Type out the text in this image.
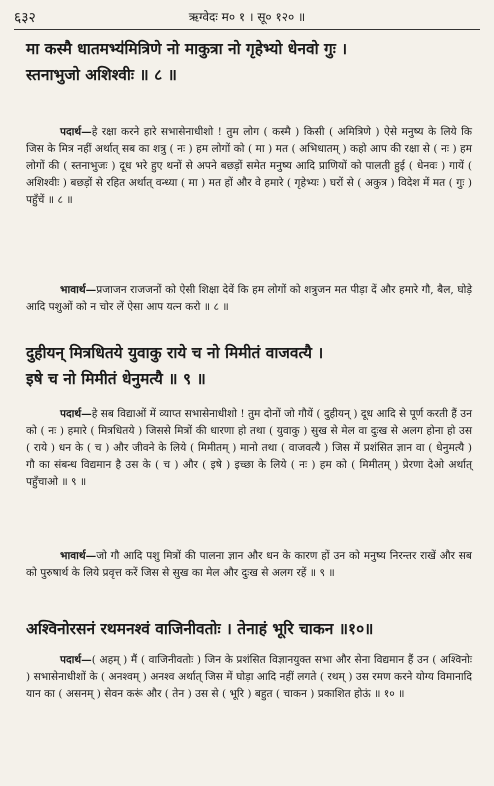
६३२	ऋग्वेदः म० १ । सू० १२० ॥
मा कस्मै धातमभ्य॑मित्रिणे नो माकुत्रा नो गृहेभ्यो धेनवो गुः ।
स्तनाभुजो अशिश्वीः ॥ ८ ॥

पदार्थ—हे रक्षा करने हारे सभासेनाधीशो ! तुम लोग ( कस्मै ) किसी ( अमित्रिणे ) ऐसे मनुष्य के लिये कि जिस के मित्र नहीं अर्थात् सब का शत्रु ( नः ) हम लोगों को ( मा ) मत ( अभिधातम् ) कहो आप की रक्षा से ( नः ) हम लोगों की ( स्तनाभुजः ) दूध भरे हुए थनों से अपने बछड़ों समेत मनुष्य आदि प्राणियों को पालती हुई ( धेनवः ) गायें ( अशिश्वीः ) बछड़ों से रहित अर्थात् वन्ध्या ( मा ) मत हों और वे हमारे ( गृहेभ्यः ) घरों से ( अकुत्र ) विदेश में मत ( गुः ) पहुँचें ॥ ८ ॥

भावार्थ—प्रजाजन राजजनों को ऐसी शिक्षा देवें कि हम लोगों को शत्रुजन मत पीड़ा दें और हमारे गौ, बैल, घोड़े आदि पशुओं को न चोर लें ऐसा आप यत्न करो ॥ ८ ॥

दुहीयन् मित्रधितये युवाकु राये च नो मिमीतं वाजवत्यै ।
इषे च नो मिमीतं धेनुमत्यै ॥ ९ ॥

पदार्थ—हे सब विद्याओं में व्याप्त सभासेनाधीशो ! तुम दोनों जो गौयें ( दुहीयन् ) दूध आदि से पूर्ण करती हैं उन को ( नः ) हमारे ( मित्रधितये ) जिससे मित्रों की धारणा हो तथा ( युवाकु ) सुख से मेल वा दुःख से अलग होना हो उस ( राये ) धन के ( च ) और जीवने के लिये ( मिमीतम् ) मानो तथा ( वाजवत्यै ) जिस में प्रशंसित ज्ञान वा ( धेनुमत्यै ) गौ का संबन्ध विद्यमान है उस के ( च ) और ( इषे ) इच्छा के लिये ( नः ) हम को ( मिमीतम् ) प्रेरणा देओ अर्थात् पहुँचाओ ॥ ९ ॥

भावार्थ—जो गौ आदि पशु मित्रों की पालना ज्ञान और धन के कारण हों उन को मनुष्य निरन्तर राखें और सब को पुरुषार्थ के लिये प्रवृत्त करें जिस से सुख का मेल और दुःख से अलग रहें ॥ ९ ॥

अश्विनोरसनं रथमनश्वं वाजिनीवतोः । तेनाहं भूरि चाकन ॥१०॥

पदार्थ—( अहम् ) मैं ( वाजिनीवतोः ) जिन के प्रशंसित विज्ञानयुक्त सभा और सेना विद्यमान हैं उन ( अश्विनोः ) सभासेनाधीशों के ( अनश्वम् ) अनश्व अर्थात् जिस में घोड़ा आदि नहीं लगते ( रथम् ) उस रमण करने योग्य विमानादि यान का ( असनम् ) सेवन करूं और ( तेन ) उस से ( भूरि ) बहुत ( चाकन ) प्रकाशित होऊं ॥ १० ॥
